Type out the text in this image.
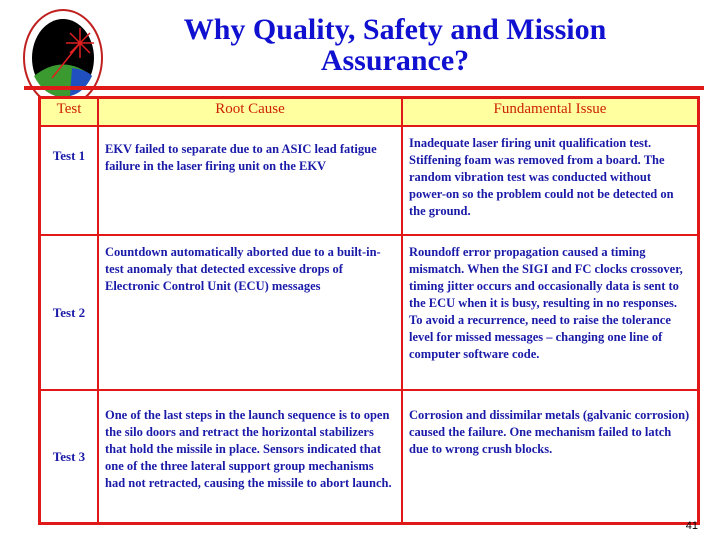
Why Quality, Safety and Mission Assurance?
Test	Root Cause	Fundamental Issue
Test 1	EKV failed to separate due to an ASIC lead fatigue failure in the laser firing unit on the EKV	Inadequate laser firing unit qualification test. Stiffening foam was removed from a board. The random vibration test was conducted without power-on so the problem could not be detected on the ground.
Test 2	Countdown automatically aborted due to a built-in-test anomaly that detected excessive drops of Electronic Control Unit (ECU) messages	Roundoff error propagation caused a timing mismatch. When the SIGI and FC clocks crossover, timing jitter occurs and occasionally data is sent to the ECU when it is busy, resulting in no responses. To avoid a recurrence, need to raise the tolerance level for missed messages – changing one line of computer software code.
Test 3	One of the last steps in the launch sequence is to open the silo doors and retract the horizontal stabilizers that hold the missile in place. Sensors indicated that one of the three lateral support group mechanisms had not retracted, causing the missile to abort launch.	Corrosion and dissimilar metals (galvanic corrosion) caused the failure. One mechanism failed to latch due to wrong crush blocks.
41
